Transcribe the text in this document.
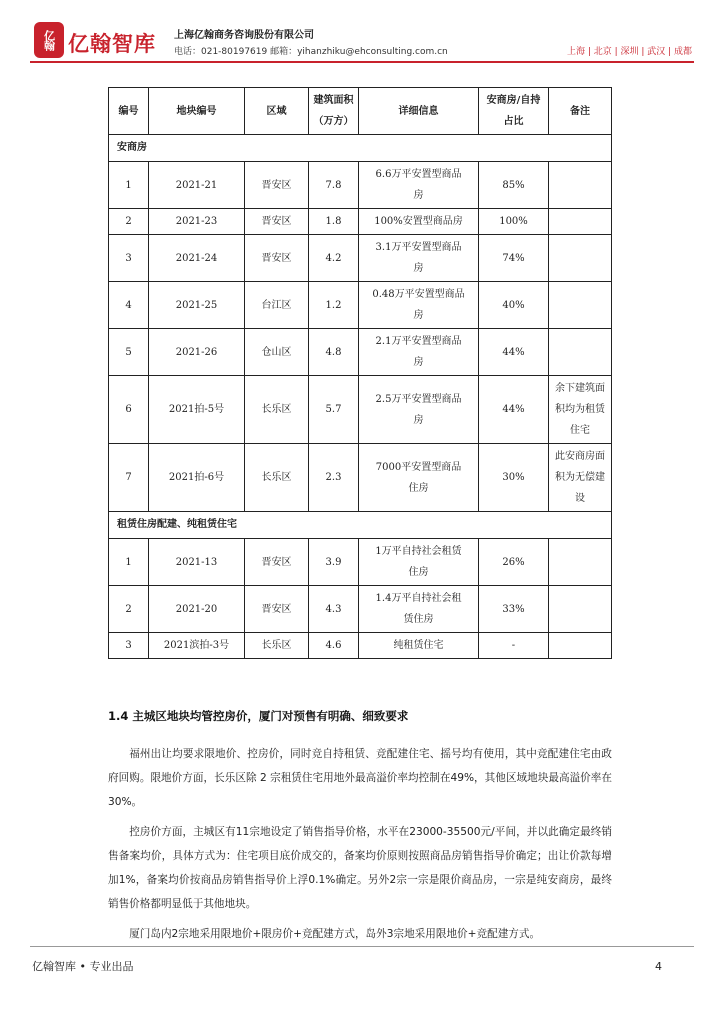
亿翰 亿翰智库 上海亿翰商务咨询股份有限公司
电话：021-80197619 邮箱：yihanzhiku@ehconsulting.com.cn	上海 | 北京 | 深圳 | 武汉 | 成都
编号	地块编号	区域	建筑面积（万方）	详细信息	安商房/自持占比	备注
安商房						
1	2021-21	晋安区	7.8	6.6万平安置型商品房	85%	
2	2021-23	晋安区	1.8	100%安置型商品房	100%	
3	2021-24	晋安区	4.2	3.1万平安置型商品房	74%	
4	2021-25	台江区	1.2	0.48万平安置型商品房	40%	
5	2021-26	仓山区	4.8	2.1万平安置型商品房	44%	
6	2021拍-5号	长乐区	5.7	2.5万平安置型商品房	44%	余下建筑面积均为租赁住宅
7	2021拍-6号	长乐区	2.3	7000平安置型商品住房	30%	此安商房面积为无偿建设
租赁住房配建、纯租赁住宅						
1	2021-13	晋安区	3.9	1万平自持社会租赁住房	26%	
2	2021-20	晋安区	4.3	1.4万平自持社会租赁住房	33%	
3	2021滨拍-3号	长乐区	4.6	纯租赁住宅	-	
1.4 主城区地块均管控房价，厦门对预售有明确、细致要求

福州出让均要求限地价、控房价，同时竞自持租赁、竞配建住宅、摇号均有使用，其中竞配建住宅由政府回购。限地价方面，长乐区除 2 宗租赁住宅用地外最高溢价率均控制在49%，其他区域地块最高溢价率在30%。

控房价方面，主城区有11宗地设定了销售指导价格，水平在23000-35500元/平间，并以此确定最终销售备案均价，具体方式为：住宅项目底价成交的，备案均价原则按照商品房销售指导价确定；出让价款每增加1%，备案均价按商品房销售指导价上浮0.1%确定。另外2宗一宗是限价商品房，一宗是纯安商房，最终销售价格都明显低于其他地块。

厦门岛内2宗地采用限地价+限房价+竞配建方式，岛外3宗地采用限地价+竞配建方式。

亿翰智库 • 专业出品	4
